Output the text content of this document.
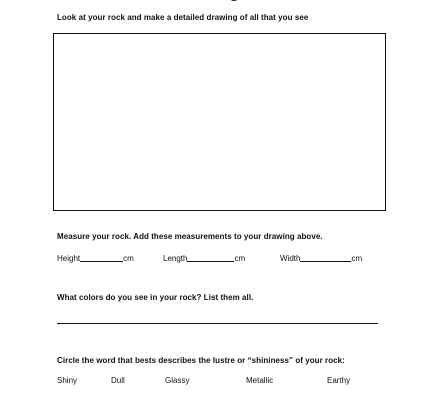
Look at your rock and make a detailed drawing of all that you see
Measure your rock. Add these measurements to your drawing above.
Height	cm	Length	cm	Width	cm
What colors do you see in your rock? List them all.
Circle the word that bests describes the lustre or “shininess” of your rock:
Shiny	Dull	Glassy	Metallic	Earthy
